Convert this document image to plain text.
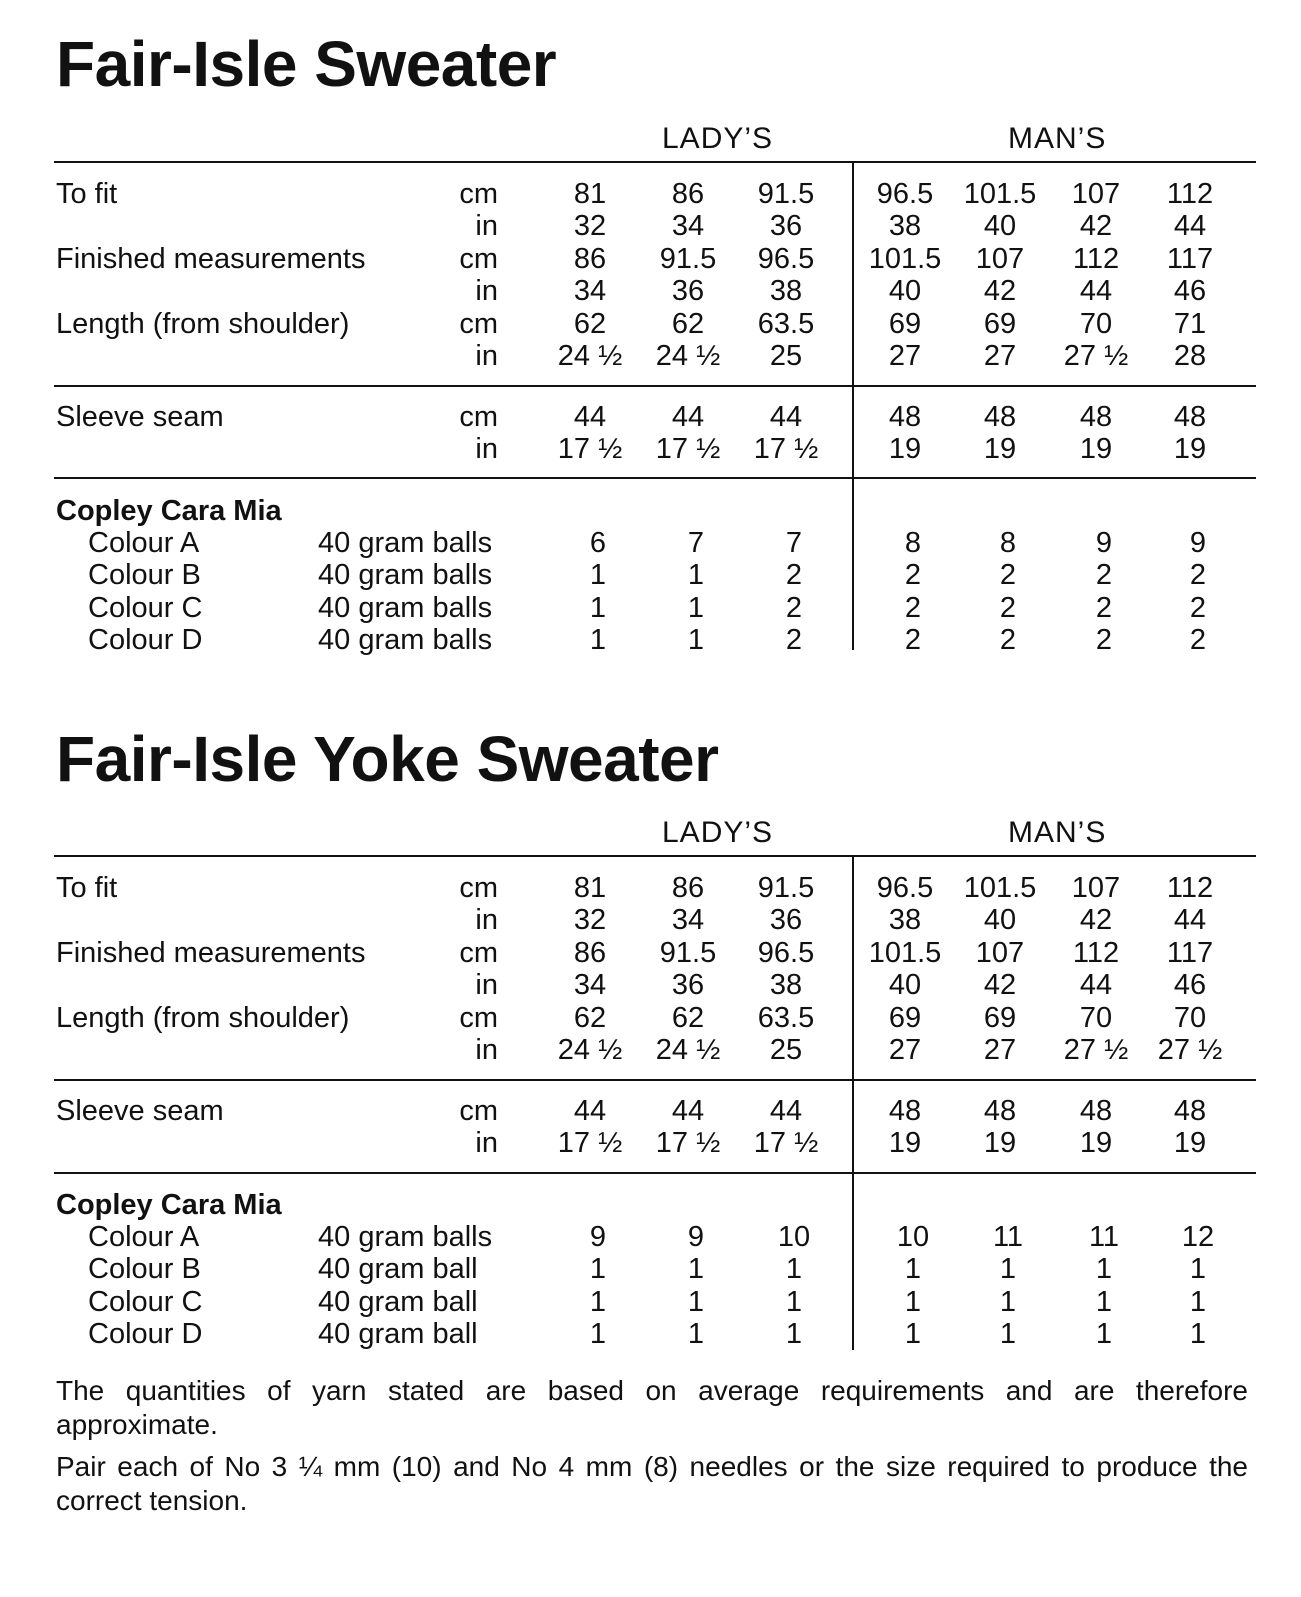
Fair-Isle Sweater
LADY’S	MAN’S
To fit	cm	81	86	91.5	96.5	101.5	107	112
in	32	34	36	38	40	42	44
Finished measurements	cm	86	91.5	96.5	101.5	107	112	117
in	34	36	38	40	42	44	46
Length (from shoulder)	cm	62	62	63.5	69	69	70	71
in	24 ½	24 ½	25	27	27	27 ½	28
Sleeve seam	cm	44	44	44	48	48	48	48
in	17 ½	17 ½	17 ½	19	19	19	19
Copley Cara Mia
Colour A	40 gram balls	6	7	7	8	8	9	9
Colour B	40 gram balls	1	1	2	2	2	2	2
Colour C	40 gram balls	1	1	2	2	2	2	2
Colour D	40 gram balls	1	1	2	2	2	2	2
Fair-Isle Yoke Sweater
LADY’S	MAN’S
To fit	cm	81	86	91.5	96.5	101.5	107	112
in	32	34	36	38	40	42	44
Finished measurements	cm	86	91.5	96.5	101.5	107	112	117
in	34	36	38	40	42	44	46
Length (from shoulder)	cm	62	62	63.5	69	69	70	70
in	24 ½	24 ½	25	27	27	27 ½	27 ½
Sleeve seam	cm	44	44	44	48	48	48	48
in	17 ½	17 ½	17 ½	19	19	19	19
Copley Cara Mia
Colour A	40 gram balls	9	9	10	10	11	11	12
Colour B	40 gram ball	1	1	1	1	1	1	1
Colour C	40 gram ball	1	1	1	1	1	1	1
Colour D	40 gram ball	1	1	1	1	1	1	1

The quantities of yarn stated are based on average requirements and are therefore approximate.

Pair each of No 3 ¼ mm (10) and No 4 mm (8) needles or the size required to produce the correct tension.
